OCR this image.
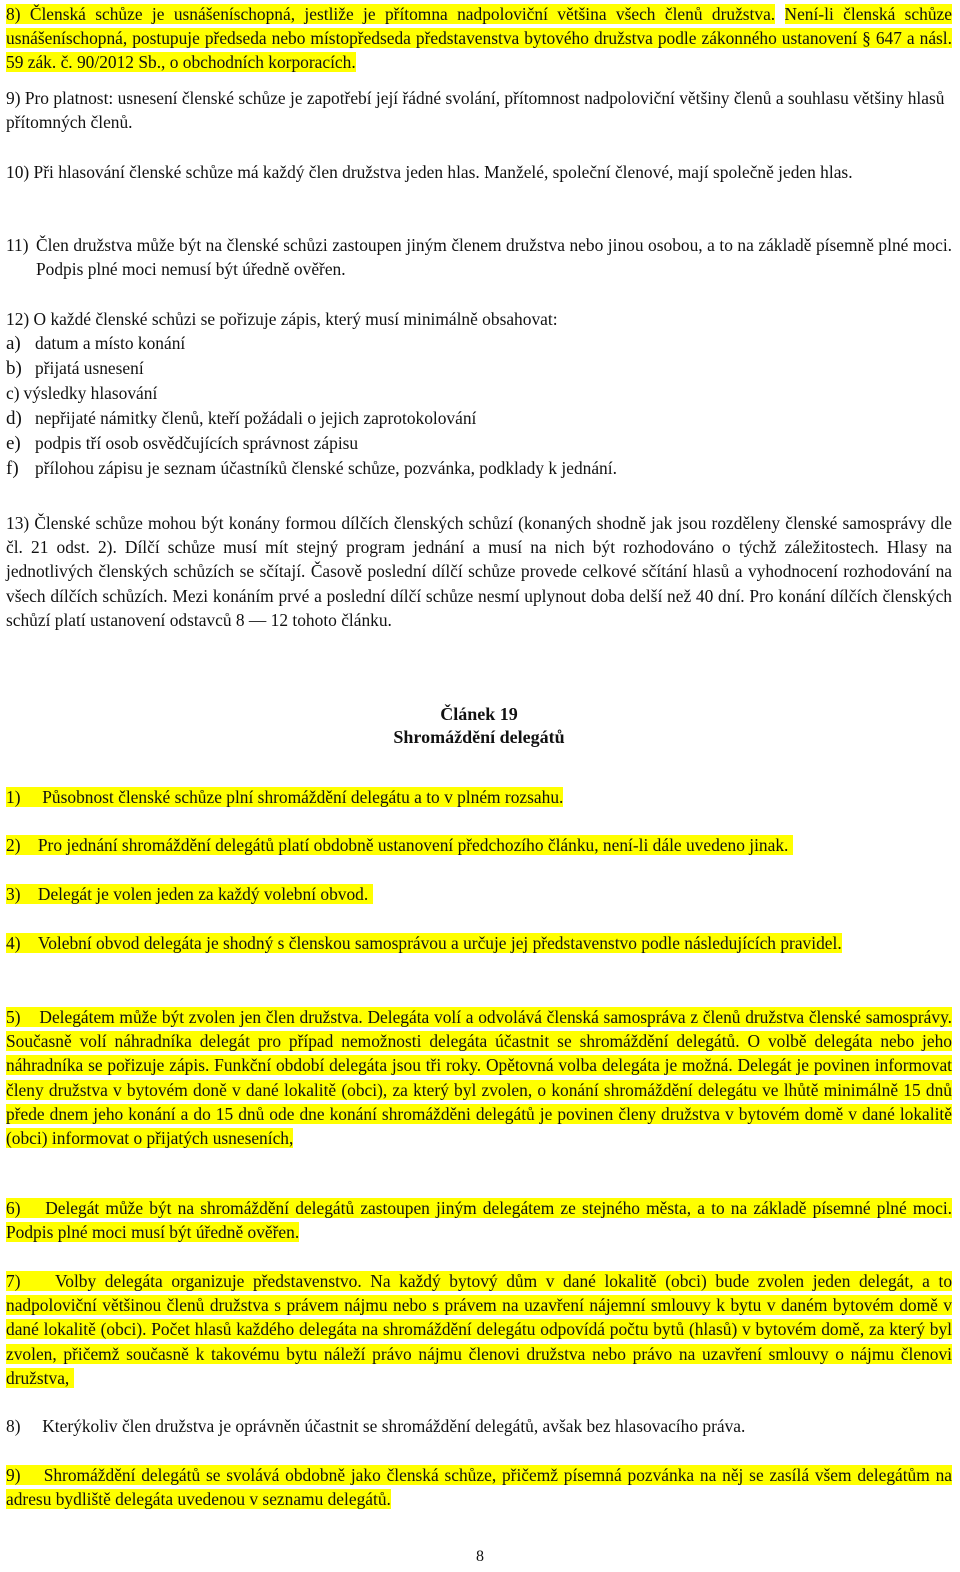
8) Členská schůze je usnášeníschopná, jestliže je přítomna nadpoloviční většina všech členů družstva. Není-li členská schůze usnášeníschopná, postupuje předseda nebo místopředseda představenstva bytového družstva podle zákonného ustanovení § 647 a násl. 59 zák. č. 90/2012 Sb., o obchodních korporacích.

9) Pro platnost: usnesení členské schůze je zapotřebí její řádné svolání, přítomnost nadpoloviční většiny členů a souhlasu většiny hlasů přítomných členů.

10) Při hlasování členské schůze má každý člen družstva jeden hlas. Manželé, společní členové, mají společně jeden hlas.
11) Člen družstva může být na členské schůzi zastoupen jiným členem družstva nebo jinou osobou, a to na základě písemně plné moci. Podpis plné moci nemusí být úředně ověřen.
12) O každé členské schůzi se pořizuje zápis, který musí minimálně obsahovat:
a) datum a místo konání
b) přijatá usnesení
c) výsledky hlasování
d) nepřijaté námitky členů, kteří požádali o jejich zaprotokolování
e) podpis tří osob osvědčujících správnost zápisu
f) přílohou zápisu je seznam účastníků členské schůze, pozvánka, podklady k jednání.

13) Členské schůze mohou být konány formou dílčích členských schůzí (konaných shodně jak jsou rozděleny členské samosprávy dle čl. 21 odst. 2). Dílčí schůze musí mít stejný program jednání a musí na nich být rozhodováno o týchž záležitostech. Hlasy na jednotlivých členských schůzích se sčítají. Časově poslední dílčí schůze provede celkové sčítání hlasů a vyhodnocení rozhodování na všech dílčích schůzích. Mezi konáním prvé a poslední dílčí schůze nesmí uplynout doba delší než 40 dní. Pro konání dílčích členských schůzí platí ustanovení odstavců 8 — 12 tohoto článku.

Článek 19
Shromáždění delegátů

1) Působnost členské schůze plní shromáždění delegátu a to v plném rozsahu.

2) Pro jednání shromáždění delegátů platí obdobně ustanovení předchozího článku, není-li dále uvedeno jinak.

3) Delegát je volen jeden za každý volební obvod.

4) Volební obvod delegáta je shodný s členskou samosprávou a určuje jej představenstvo podle následujících pravidel.

5) Delegátem může být zvolen jen člen družstva. Delegáta volí a odvolává členská samospráva z členů družstva členské samosprávy. Současně volí náhradníka delegát pro případ nemožnosti delegáta účastnit se shromáždění delegátů. O volbě delegáta nebo jeho náhradníka se pořizuje zápis. Funkční období delegáta jsou tři roky. Opětovná volba delegáta je možná. Delegát je povinen informovat členy družstva v bytovém doně v dané lokalitě (obci), za který byl zvolen, o konání shromáždění delegátu ve lhůtě minimálně 15 dnů přede dnem jeho konání a do 15 dnů ode dne konání shromážděni delegátů je povinen členy družstva v bytovém domě v dané lokalitě (obci) informovat o přijatých usneseních,

6) Delegát může být na shromáždění delegátů zastoupen jiným delegátem ze stejného města, a to na základě písemné plné moci. Podpis plné moci musí být úředně ověřen.

7) Volby delegáta organizuje představenstvo. Na každý bytový dům v dané lokalitě (obci) bude zvolen jeden delegát, a to nadpoloviční většinou členů družstva s právem nájmu nebo s právem na uzavření nájemní smlouvy k bytu v daném bytovém domě v dané lokalitě (obci). Počet hlasů každého delegáta na shromáždění delegátu odpovídá počtu bytů (hlasů) v bytovém domě, za který byl zvolen, přičemž současně k takovému bytu náleží právo nájmu členovi družstva nebo právo na uzavření smlouvy o nájmu členovi družstva,

8) Kterýkoliv člen družstva je oprávněn účastnit se shromáždění delegátů, avšak bez hlasovacího práva.

9) Shromáždění delegátů se svolává obdobně jako členská schůze, přičemž písemná pozvánka na něj se zasílá všem delegátům na adresu bydliště delegáta uvedenou v seznamu delegátů.

8
